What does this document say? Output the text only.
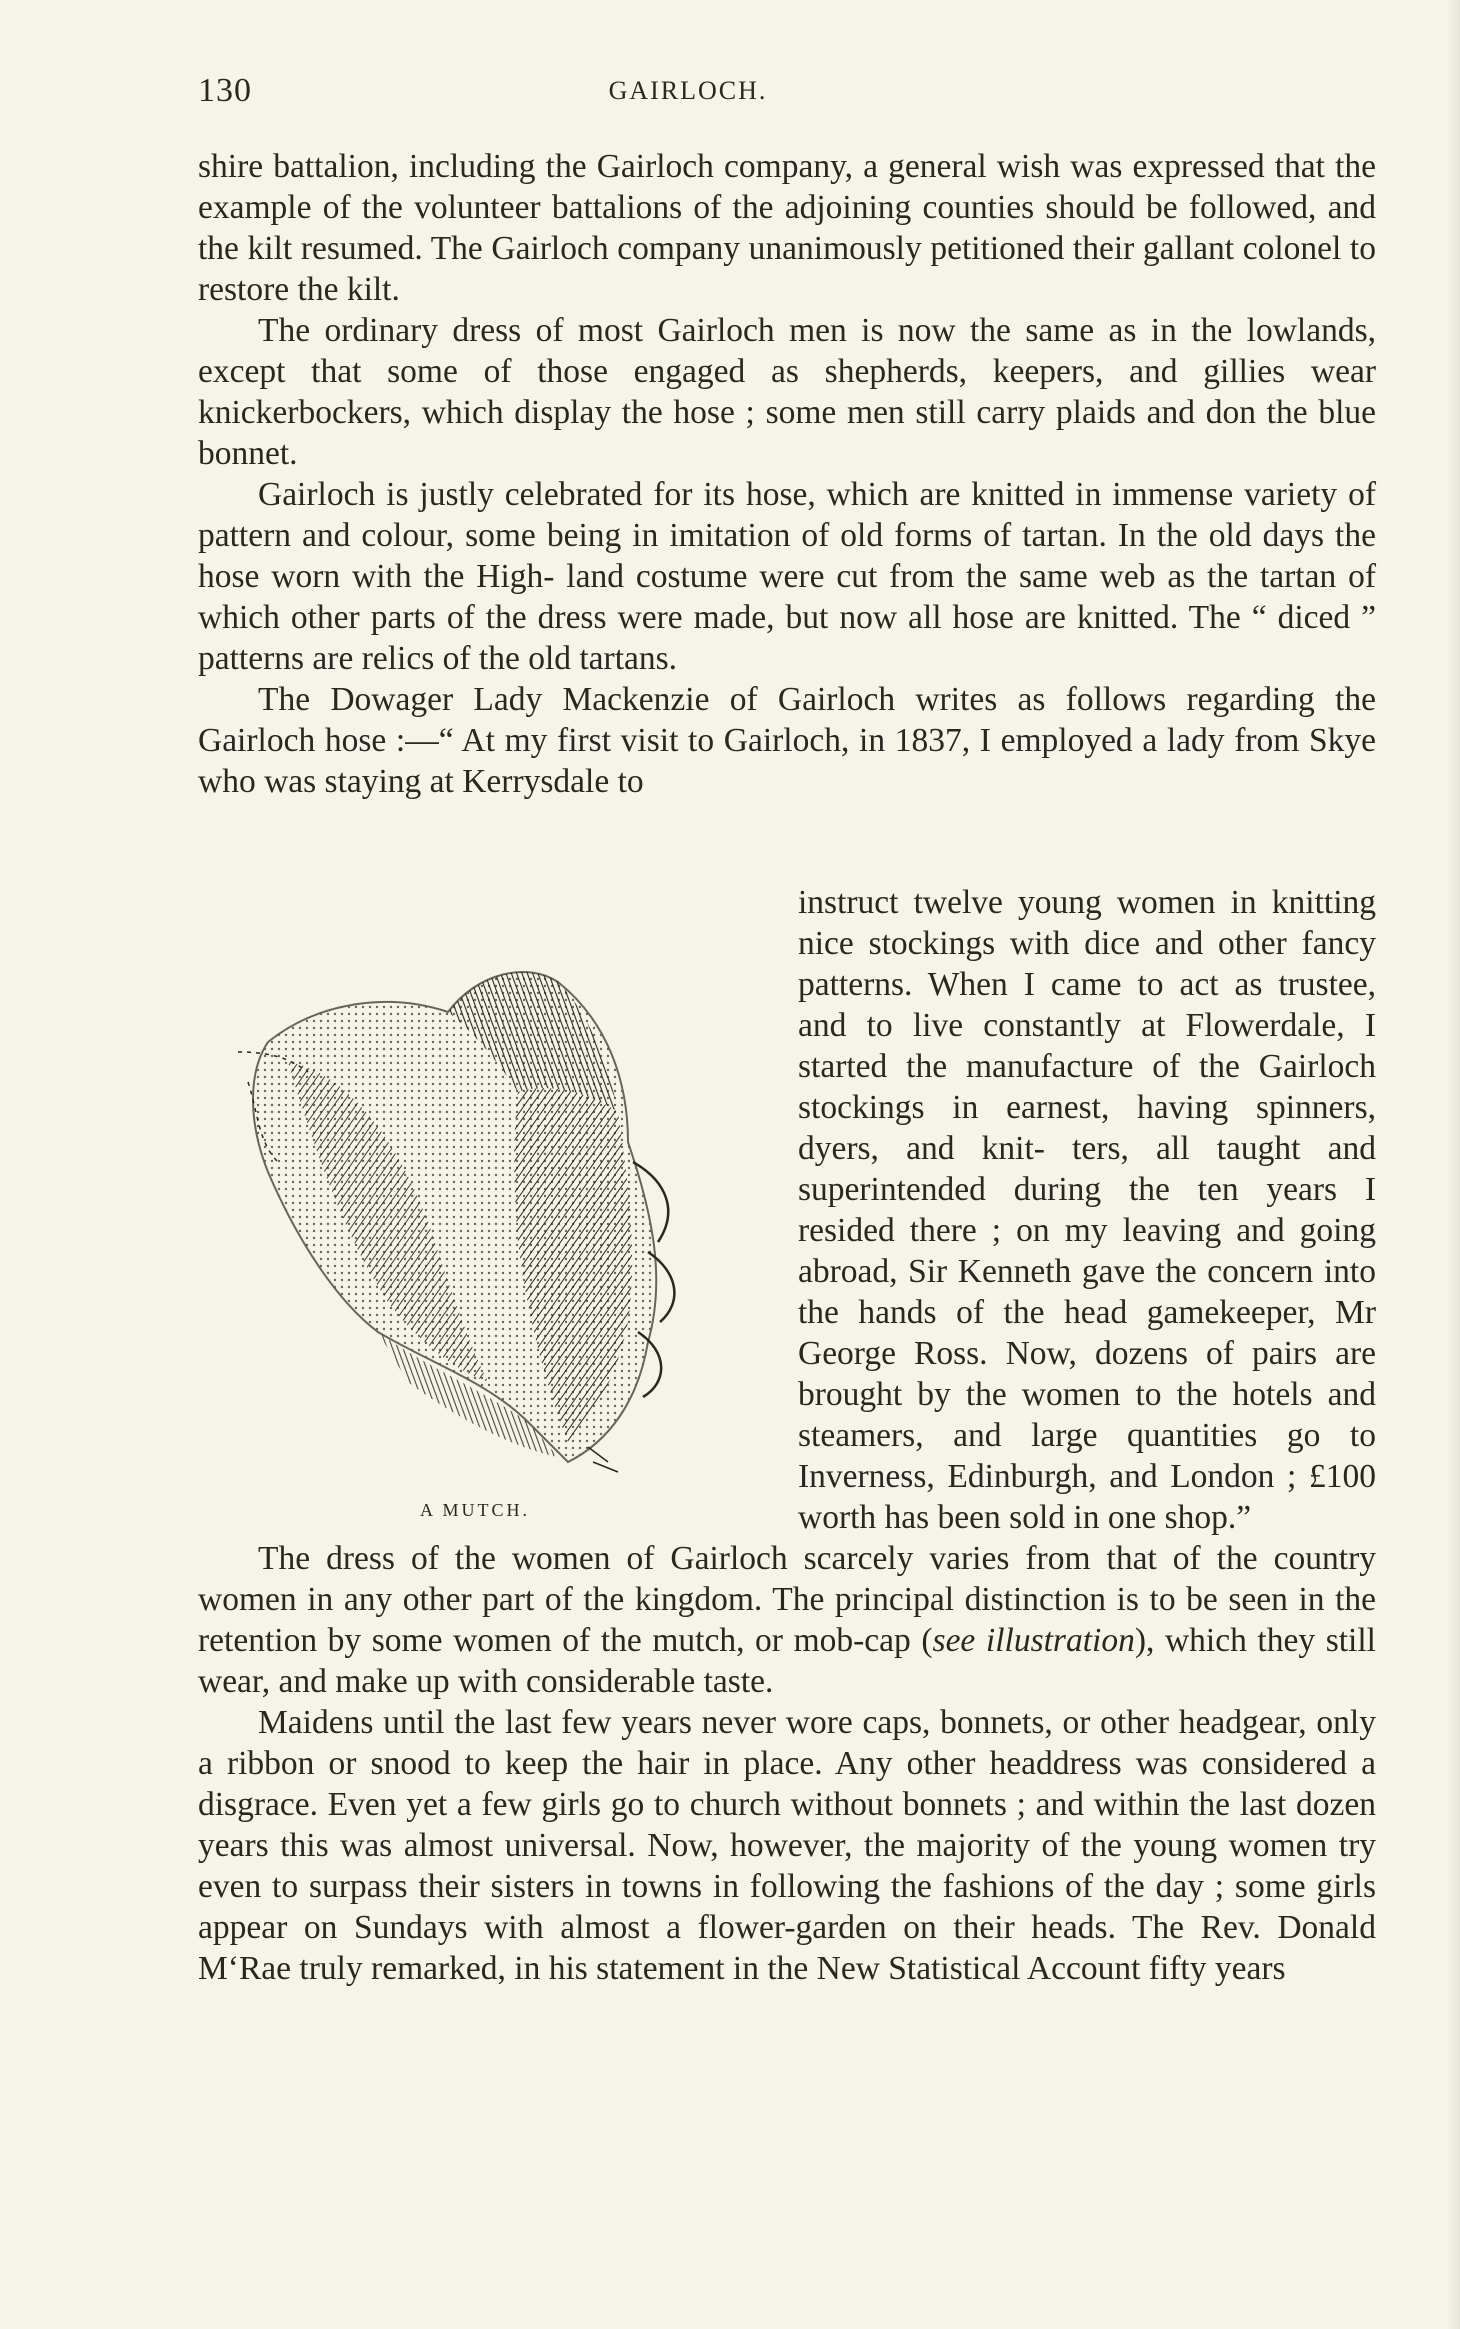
130	GAIRLOCH.

shire battalion, including the Gairloch company, a general wish was expressed that the example of the volunteer battalions of the adjoining counties should be followed, and the kilt resumed. The Gairloch company unanimously petitioned their gallant colonel to restore the kilt.

The ordinary dress of most Gairloch men is now the same as in the lowlands, except that some of those engaged as shepherds, keepers, and gillies wear knickerbockers, which display the hose ; some men still carry plaids and don the blue bonnet.

Gairloch is justly celebrated for its hose, which are knitted in immense variety of pattern and colour, some being in imitation of old forms of tartan. In the old days the hose worn with the High- land costume were cut from the same web as the tartan of which other parts of the dress were made, but now all hose are knitted. The “ diced ” patterns are relics of the old tartans.

The Dowager Lady Mackenzie of Gairloch writes as follows regarding the Gairloch hose :—“ At my first visit to Gairloch, in 1837, I employed a lady from Skye who was staying at Kerrysdale to

A MUTCH.

instruct twelve young women in knitting nice stockings with dice and other fancy patterns. When I came to act as trustee, and to live constantly at Flowerdale, I started the manufacture of the Gairloch stockings in earnest, having spinners, dyers, and knit- ters, all taught and superintended during the ten years I resided there ; on my leaving and going abroad, Sir Kenneth gave the concern into the hands of the head gamekeeper, Mr George Ross. Now, dozens of pairs are brought by the women to the hotels and steamers, and large quantities go to Inverness, Edinburgh, and London ; £100 worth has been sold in one shop.”

The dress of the women of Gairloch scarcely varies from that of the country women in any other part of the kingdom. The principal distinction is to be seen in the retention by some women of the mutch, or mob-cap (see illustration), which they still wear, and make up with considerable taste.

Maidens until the last few years never wore caps, bonnets, or other headgear, only a ribbon or snood to keep the hair in place. Any other headdress was considered a disgrace. Even yet a few girls go to church without bonnets ; and within the last dozen years this was almost universal. Now, however, the majority of the young women try even to surpass their sisters in towns in following the fashions of the day ; some girls appear on Sundays with almost a flower-garden on their heads. The Rev. Donald M‘Rae truly remarked, in his statement in the New Statistical Account fifty years
